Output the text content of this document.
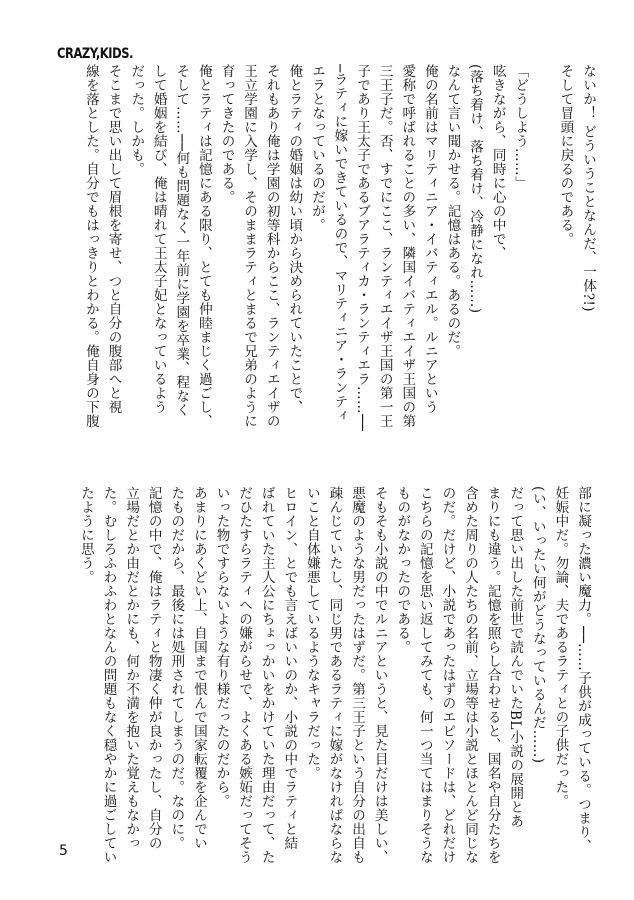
CRAZY,KIDS.

ないか！ どういうことなんだ、一体?!)

そして冒頭に戻るのである。

「どうしよう……」

呟きながら、同時に心の中で、

(落ち着け、落ち着け、冷静になれ……)

なんて言い聞かせる。記憶はある。あるのだ。

俺の名前はマリティニア・イバティエル。ルニアという

愛称で呼ばれることの多い、隣国イバティエイザ王国の第

三王子だ。否、すでにここ、ランティエイザ王国の第一王

子であり王太子であるブアラティカ・ランティエラ……──

─ラティに嫁いできているので、マリティニア・ランティ

エラとなっているのだが。

俺とラティの婚姻は幼い頃から決められていたことで、

それもあり俺は学園の初等科からここ、ランティエイザの

王立学園に入学し、そのままラティとまるで兄弟のように

育ってきたのである。

俺とラティは記憶にある限り、とても仲睦まじく過ごし、

そして……──何も問題なく一年前に学園を卒業、程なく

して婚姻を結び、俺は晴れて王太子妃となっているよう

だった。しかも。

そこまで思い出して眉根を寄せ、つと自分の腹部へと視

線を落とした。自分でもはっきりとわかる。俺自身の下腹

部に凝った濃い魔力。──……子供が成っている。つまり、

妊娠中だ。勿論、夫であるラティとの子供だった。

(い、いったい何がどうなっているんだ……)

だって思い出した前世で読んでいたBL小説の展開とあ

まりにも違う。記憶を照らし合わせると、国名や自分たちを

含めた周りの人たちの名前、立場等は小説とほとんど同じな

のだ。だけど、小説であったはずのエピソードは、どれだけ

こちらの記憶を思い返してみても、何一つ当てはまりそうな

ものがなかったのである。

そもそも小説の中でルニアというと、見た目だけは美しい、

悪魔のような男だったはずだ。第三王子という自分の出自も

疎んじていたし、同じ男であるラティに嫁がなければならな

いこと自体嫌悪しているようなキャラだった。

ヒロイン、とでも言えばいいのか、小説の中でラティと結

ばれていた主人公にちょっかいをかけていた理由だって、た

だひたすらラティへの嫌がらせで、よくある嫉妬だってそう

いった物ですらないような有り様だったのだから。

あまりにあくどい上、自国まで恨んで国家転覆を企んでい

たものだから、最後には処刑されてしまうのだ。なのに。

記憶の中で、俺はラティと物凄く仲が良かったし、自分の

立場だとか由だとかにも、何か不満を抱いた覚えもなかっ

た。むしろふわふわとなんの問題もなく穏やかに過ごしてい

たように思う。

5
